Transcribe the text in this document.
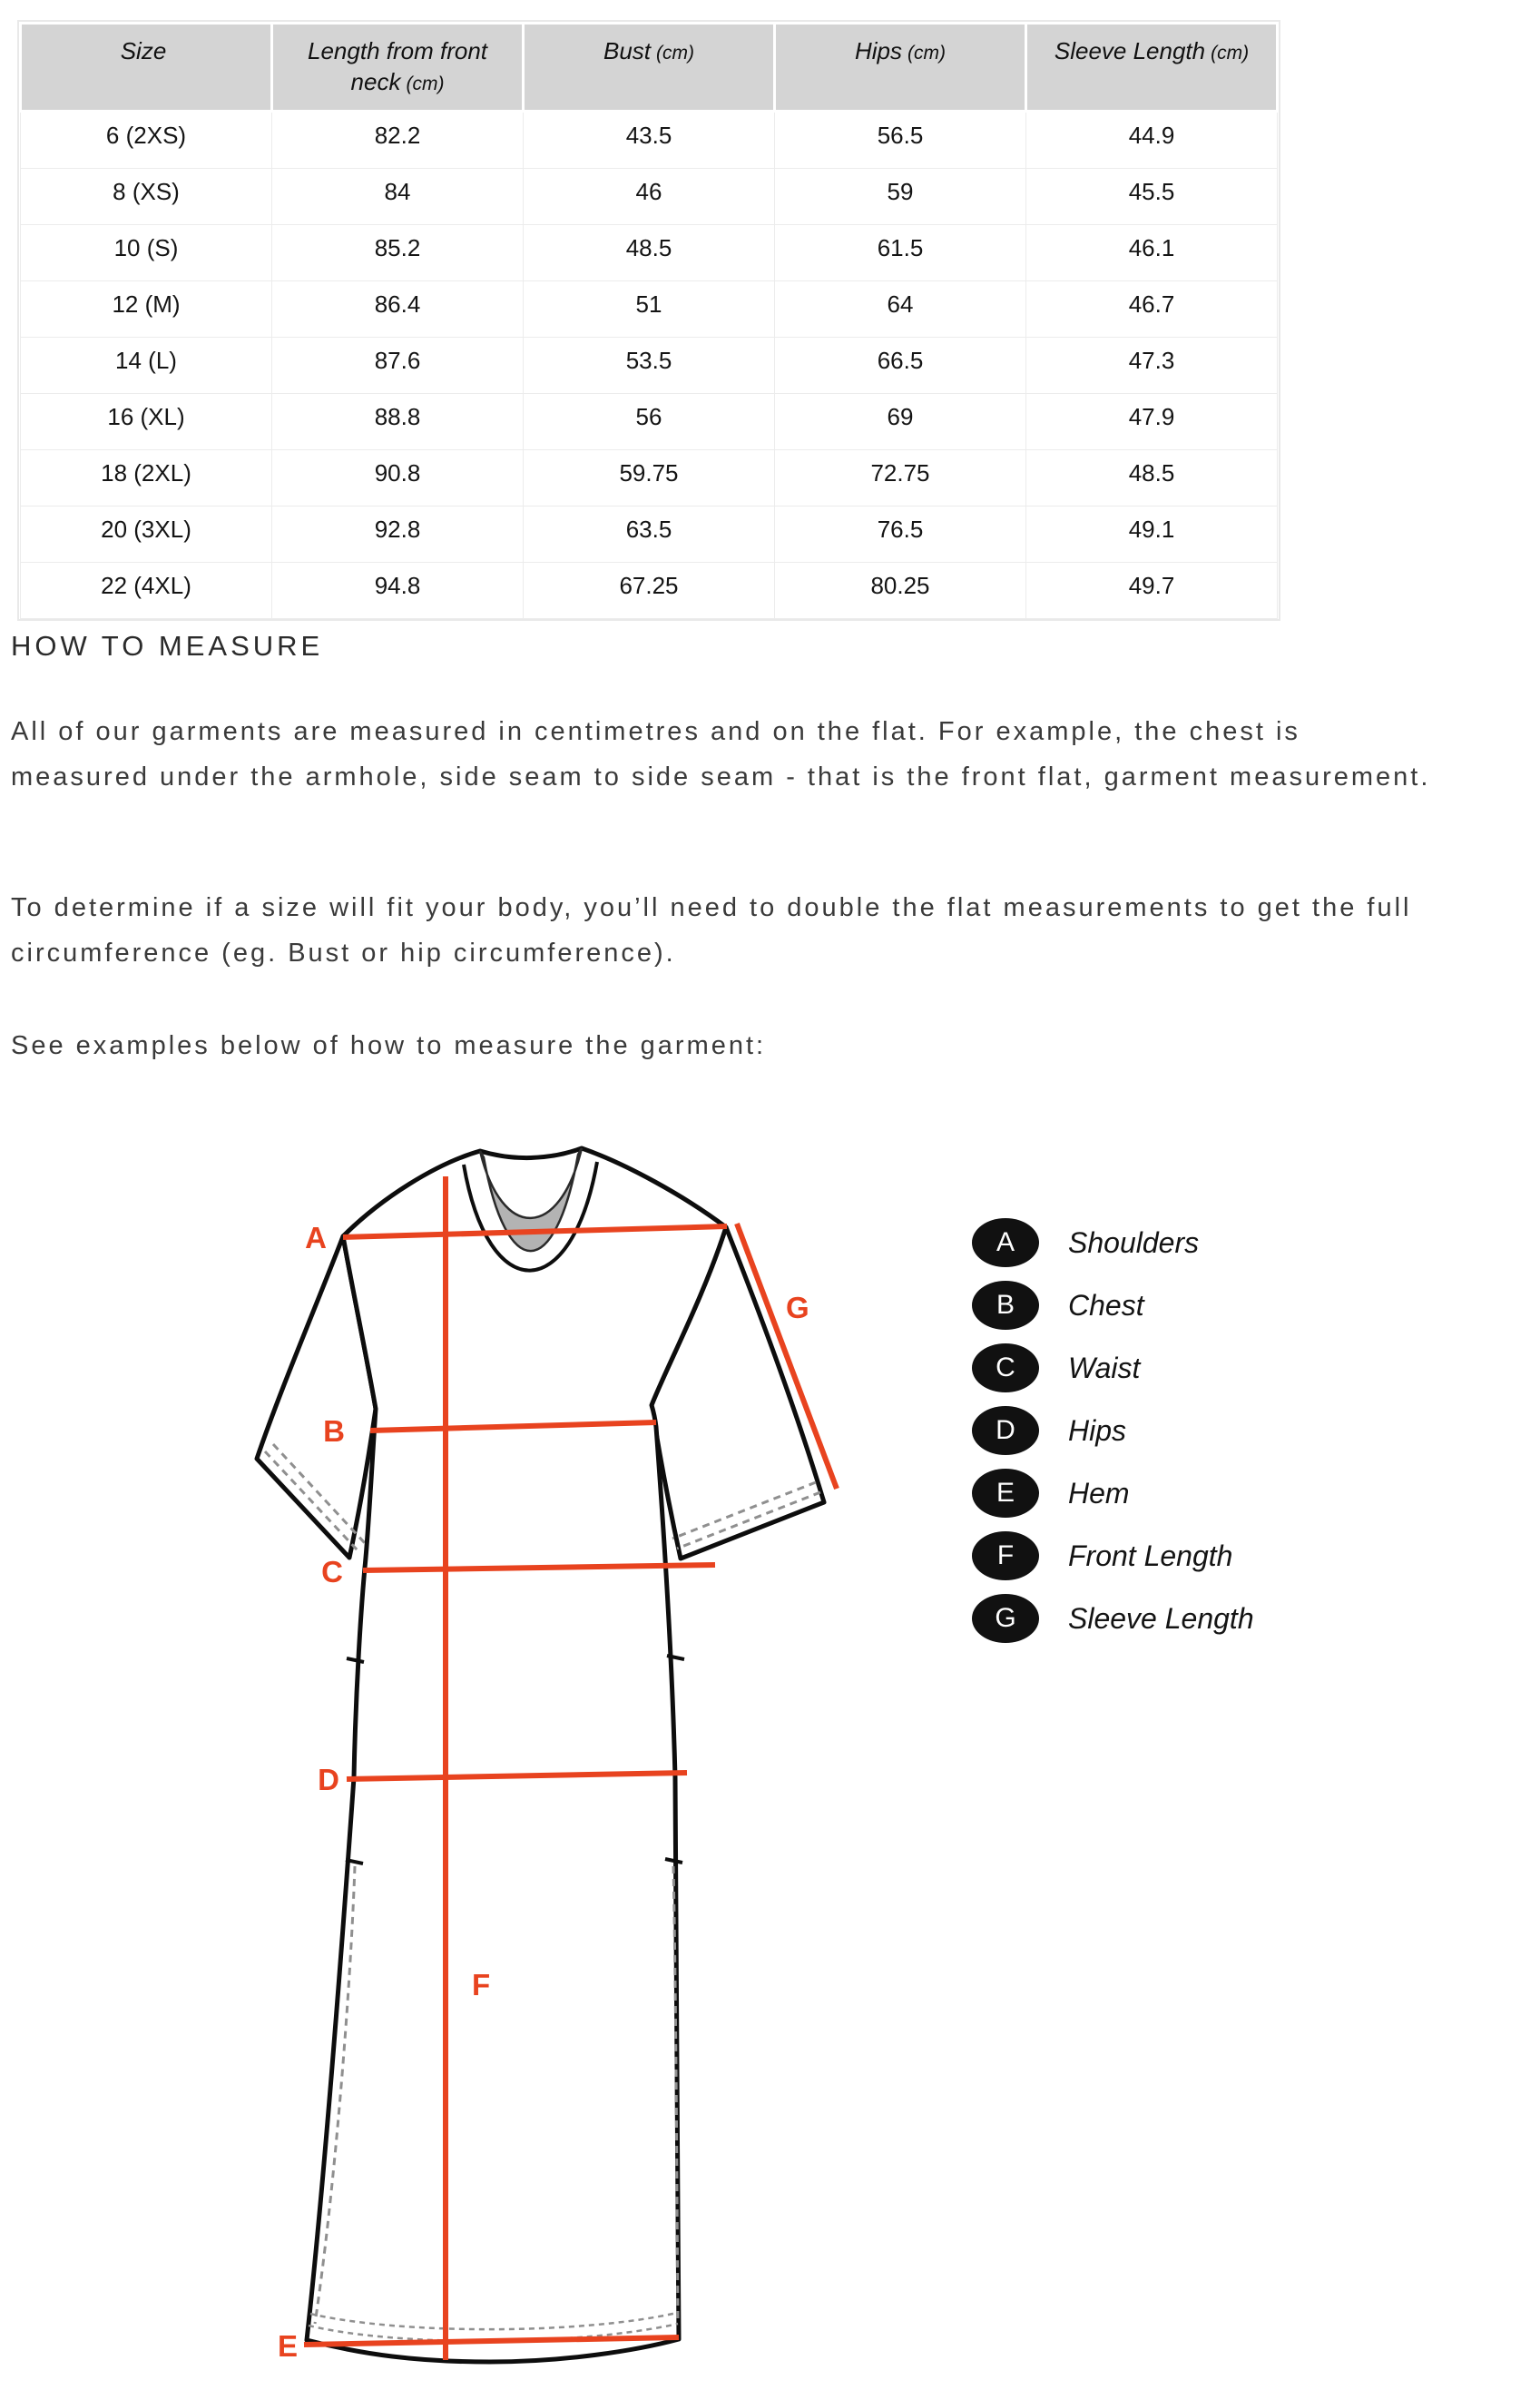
Size	Length from front neck (cm)	Bust (cm)	Hips (cm)	Sleeve Length (cm)
6 (2XS)	82.2	43.5	56.5	44.9
8 (XS)	84	46	59	45.5
10 (S)	85.2	48.5	61.5	46.1
12 (M)	86.4	51	64	46.7
14 (L)	87.6	53.5	66.5	47.3
16 (XL)	88.8	56	69	47.9
18 (2XL)	90.8	59.75	72.75	48.5
20 (3XL)	92.8	63.5	76.5	49.1
22 (4XL)	94.8	67.25	80.25	49.7
HOW TO MEASURE

All of our garments are measured in centimetres and on the flat. For example, the chest is measured under the armhole, side seam to side seam - that is the front flat, garment measurement.

To determine if a size will fit your body, you’ll need to double the flat measurements to get the full circumference (eg. Bust or hip circumference).

See examples below of how to measure the garment:

A
B
C
D
E
F
G
A	Shoulders
B	Chest
C	Waist
D	Hips
E	Hem
F	Front Length
G	Sleeve Length
